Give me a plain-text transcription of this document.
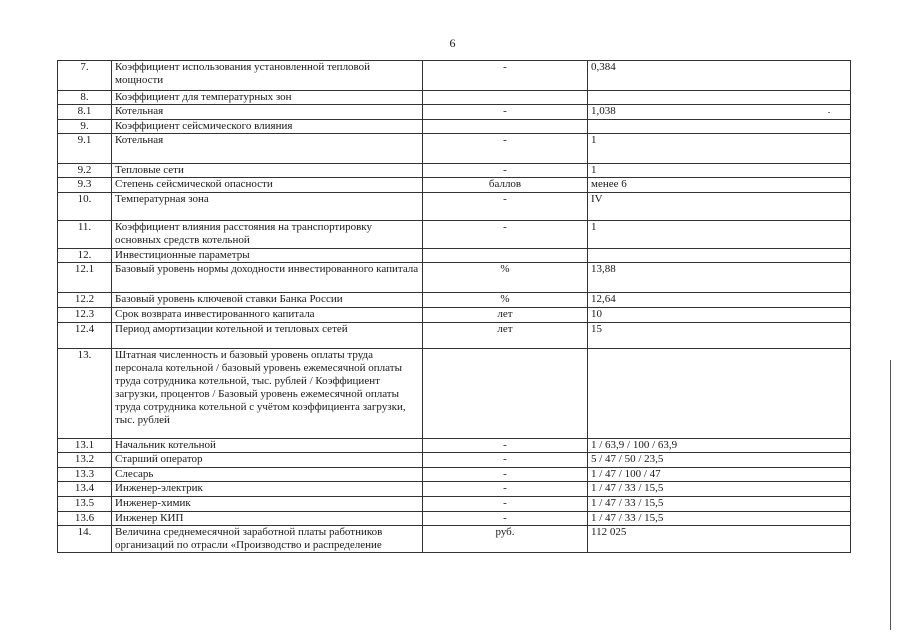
6
7.	Коэффициент использования установленной тепловой мощности	-	0,384
8.	Коэффициент для температурных зон		
8.1	Котельная	-	1,038
9.	Коэффициент сейсмического влияния		
9.1	Котельная	-	1
9.2	Тепловые сети	-	1
9.3	Степень сейсмической опасности	баллов	менее 6
10.	Температурная зона	-	IV
11.	Коэффициент влияния расстояния на транспортировку основных средств котельной	-	1
12.	Инвестиционные параметры		
12.1	Базовый уровень нормы доходности инвестированного капитала	%	13,88
12.2	Базовый уровень ключевой ставки Банка России	%	12,64
12.3	Срок возврата инвестированного капитала	лет	10
12.4	Период амортизации котельной и тепловых сетей	лет	15
13.	Штатная численность и базовый уровень оплаты труда персонала котельной / базовый уровень ежемесячной оплаты труда сотрудника котельной, тыс. рублей / Коэффициент загрузки, процентов / Базовый уровень ежемесячной оплаты труда сотрудника котельной с учётом коэффициента загрузки, тыс. рублей		
13.1	Начальник котельной	-	1 / 63,9 / 100 / 63,9
13.2	Старший оператор	-	5 / 47 / 50 / 23,5
13.3	Слесарь	-	1 / 47 / 100 / 47
13.4	Инженер-электрик	-	1 / 47 / 33 / 15,5
13.5	Инженер-химик	-	1 / 47 / 33 / 15,5
13.6	Инженер КИП	-	1 / 47 / 33 / 15,5
14.	Величина среднемесячной заработной платы работников организаций по отрасли «Производство и распределение	руб.	112 025
